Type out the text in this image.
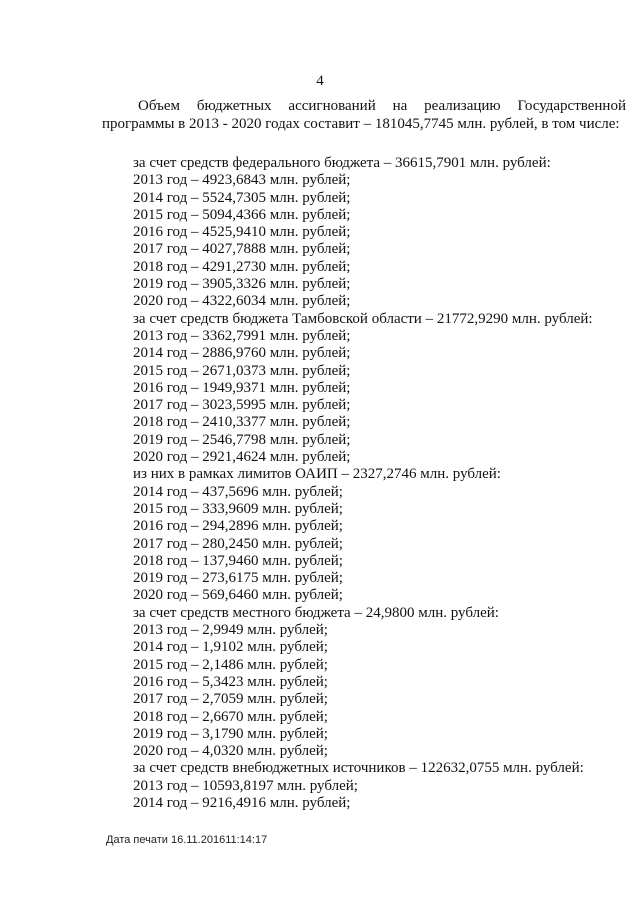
4
Объем бюджетных ассигнований на реализацию Государственной программы в 2013 - 2020 годах составит – 181045,7745 млн. рублей, в том числе:
за счет средств федерального бюджета – 36615,7901 млн. рублей:
2013 год – 4923,6843 млн. рублей;
2014 год – 5524,7305 млн. рублей;
2015 год – 5094,4366 млн. рублей;
2016 год – 4525,9410 млн. рублей;
2017 год – 4027,7888 млн. рублей;
2018 год – 4291,2730 млн. рублей;
2019 год – 3905,3326 млн. рублей;
2020 год – 4322,6034 млн. рублей;
за счет средств бюджета Тамбовской области – 21772,9290 млн. рублей:
2013 год – 3362,7991 млн. рублей;
2014 год – 2886,9760 млн. рублей;
2015 год – 2671,0373 млн. рублей;
2016 год – 1949,9371 млн. рублей;
2017 год – 3023,5995 млн. рублей;
2018 год – 2410,3377 млн. рублей;
2019 год – 2546,7798 млн. рублей;
2020 год – 2921,4624 млн. рублей;
из них в рамках лимитов ОАИП – 2327,2746 млн. рублей:
2014 год – 437,5696 млн. рублей;
2015 год – 333,9609 млн. рублей;
2016 год – 294,2896 млн. рублей;
2017 год – 280,2450 млн. рублей;
2018 год – 137,9460 млн. рублей;
2019 год – 273,6175 млн. рублей;
2020 год – 569,6460 млн. рублей;
за счет средств местного бюджета – 24,9800 млн. рублей:
2013 год – 2,9949 млн. рублей;
2014 год – 1,9102 млн. рублей;
2015 год – 2,1486 млн. рублей;
2016 год – 5,3423 млн. рублей;
2017 год – 2,7059 млн. рублей;
2018 год – 2,6670 млн. рублей;
2019 год – 3,1790 млн. рублей;
2020 год – 4,0320 млн. рублей;
за счет средств внебюджетных источников – 122632,0755 млн. рублей:
2013 год – 10593,8197 млн. рублей;
2014 год – 9216,4916 млн. рублей;
Дата печати 16.11.201611:14:17
